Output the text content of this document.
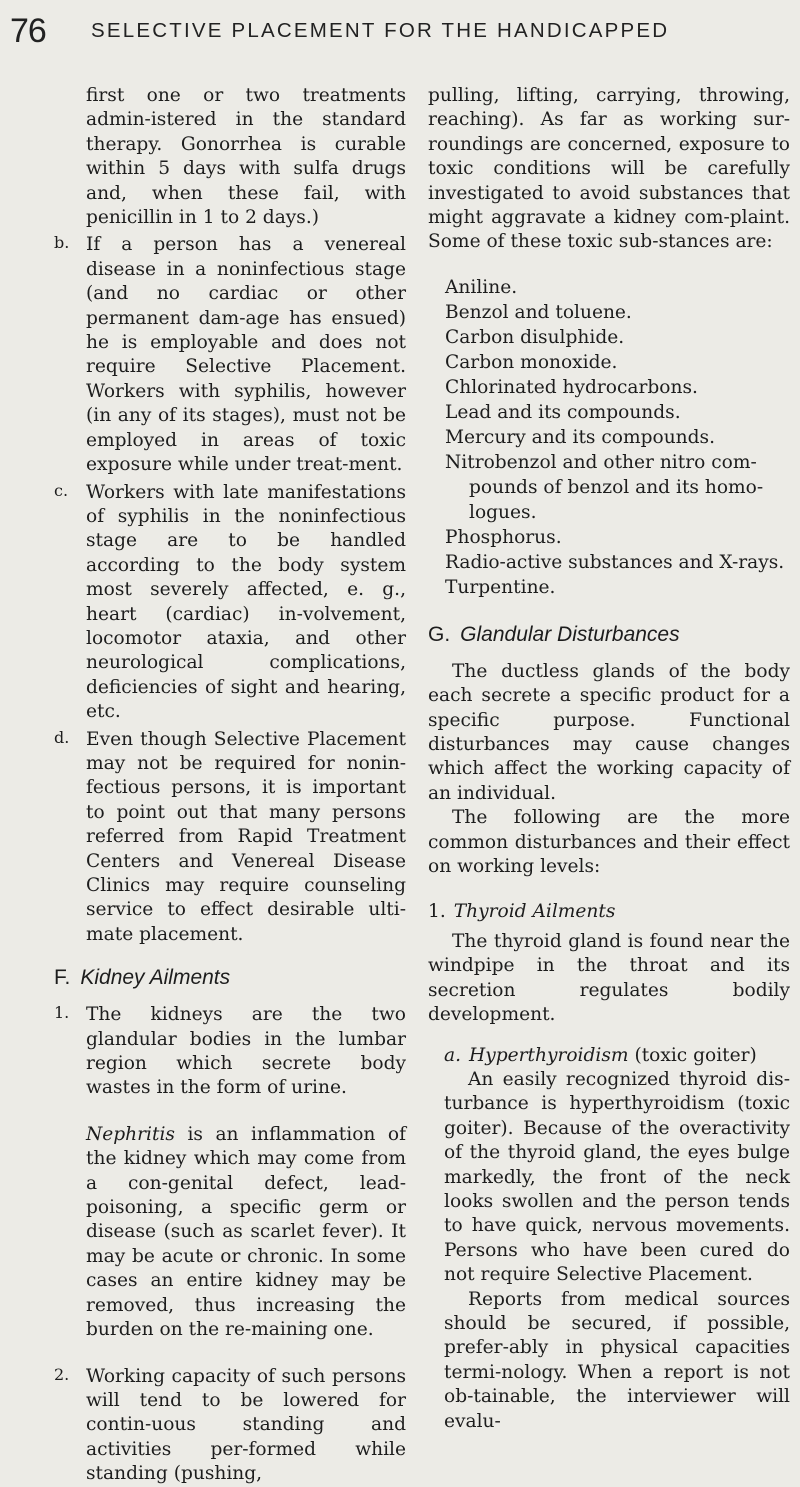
76 SELECTIVE PLACEMENT FOR THE HANDICAPPED

first one or two treatments admin-istered in the standard therapy. Gonorrhea is curable within 5 days with sulfa drugs and, when these fail, with penicillin in 1 to 2 days.)

b. If a person has a venereal disease in a noninfectious stage (and no cardiac or other permanent dam-age has ensued) he is employable and does not require Selective Placement. Workers with syphilis, however (in any of its stages), must not be employed in areas of toxic exposure while under treat-ment.

c. Workers with late manifestations of syphilis in the noninfectious stage are to be handled according to the body system most severely affected, e. g., heart (cardiac) in-volvement, locomotor ataxia, and other neurological complications, deficiencies of sight and hearing, etc.

d. Even though Selective Placement may not be required for nonin-fectious persons, it is important to point out that many persons referred from Rapid Treatment Centers and Venereal Disease Clinics may require counseling service to effect desirable ulti-mate placement.

F. Kidney Ailments
1. The kidneys are the two glandular bodies in the lumbar region which secrete body wastes in the form of urine.

Nephritis is an inflammation of the kidney which may come from a con-genital defect, lead-poisoning, a specific germ or disease (such as scarlet fever). It may be acute or chronic. In some cases an entire kidney may be removed, thus increasing the burden on the re-maining one.

2. Working capacity of such persons will tend to be lowered for contin-uous standing and activities per-formed while standing (pushing,

pulling, lifting, carrying, throwing, reaching). As far as working sur-roundings are concerned, exposure to toxic conditions will be carefully investigated to avoid substances that might aggravate a kidney com-plaint. Some of these toxic sub-stances are:

Aniline.
Benzol and toluene.
Carbon disulphide.
Carbon monoxide.
Chlorinated hydrocarbons.
Lead and its compounds.
Mercury and its compounds.
Nitrobenzol and other nitro com-pounds of benzol and its homo-logues.
Phosphorus.
Radio-active substances and X-rays.
Turpentine.
G. Glandular Disturbances

The ductless glands of the body each secrete a specific product for a specific purpose. Functional disturbances may cause changes which affect the working capacity of an individual.

The following are the more common disturbances and their effect on working levels:

1. Thyroid Ailments

The thyroid gland is found near the windpipe in the throat and its secretion regulates bodily development.

a. Hyperthyroidism (toxic goiter)

An easily recognized thyroid dis-turbance is hyperthyroidism (toxic goiter). Because of the overactivity of the thyroid gland, the eyes bulge markedly, the front of the neck looks swollen and the person tends to have quick, nervous movements. Persons who have been cured do not require Selective Placement.

Reports from medical sources should be secured, if possible, prefer-ably in physical capacities termi-nology. When a report is not ob-tainable, the interviewer will evalu-
